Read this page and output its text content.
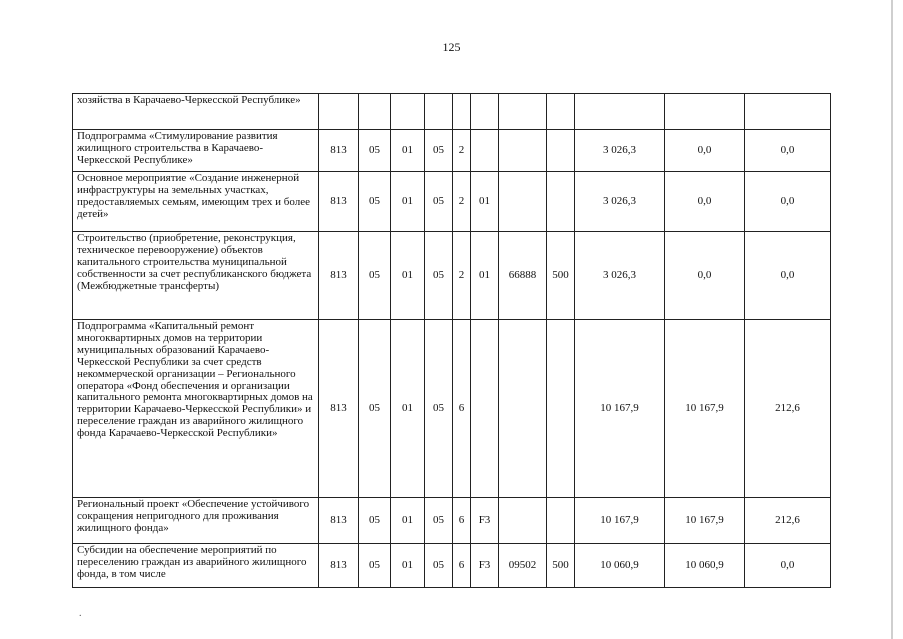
125
хозяйства в Карачаево-Черкесской Республике»											
Подпрограмма «Стимулирование развития жилищного строительства в Карачаево-Черкесской Республике»	813	05	01	05	2				3 026,3	0,0	0,0
Основное мероприятие «Создание инженерной инфраструктуры на земельных участках, предоставляемых семьям, имеющим трех и более детей»	813	05	01	05	2	01			3 026,3	0,0	0,0
Строительство (приобретение, реконструкция, техническое перевооружение) объектов капитального строительства муниципальной собственности за счет республиканского бюджета (Межбюджетные трансферты)	813	05	01	05	2	01	66888	500	3 026,3	0,0	0,0
Подпрограмма «Капитальный ремонт многоквартирных домов на территории муниципальных образований Карачаево-Черкесской Республики за счет средств некоммерческой организации – Регионального оператора «Фонд обеспечения и организации капитального ремонта многоквартирных домов на территории Карачаево-Черкесской Республики» и переселение граждан из аварийного жилищного фонда Карачаево-Черкесской Республики»	813	05	01	05	6				10 167,9	10 167,9	212,6
Региональный проект «Обеспечение устойчивого сокращения непригодного для проживания жилищного фонда»	813	05	01	05	6	F3			10 167,9	10 167,9	212,6
Субсидии на обеспечение мероприятий по переселению граждан из аварийного жилищного фонда, в том числе	813	05	01	05	6	F3	09502	500	10 060,9	10 060,9	0,0
.
